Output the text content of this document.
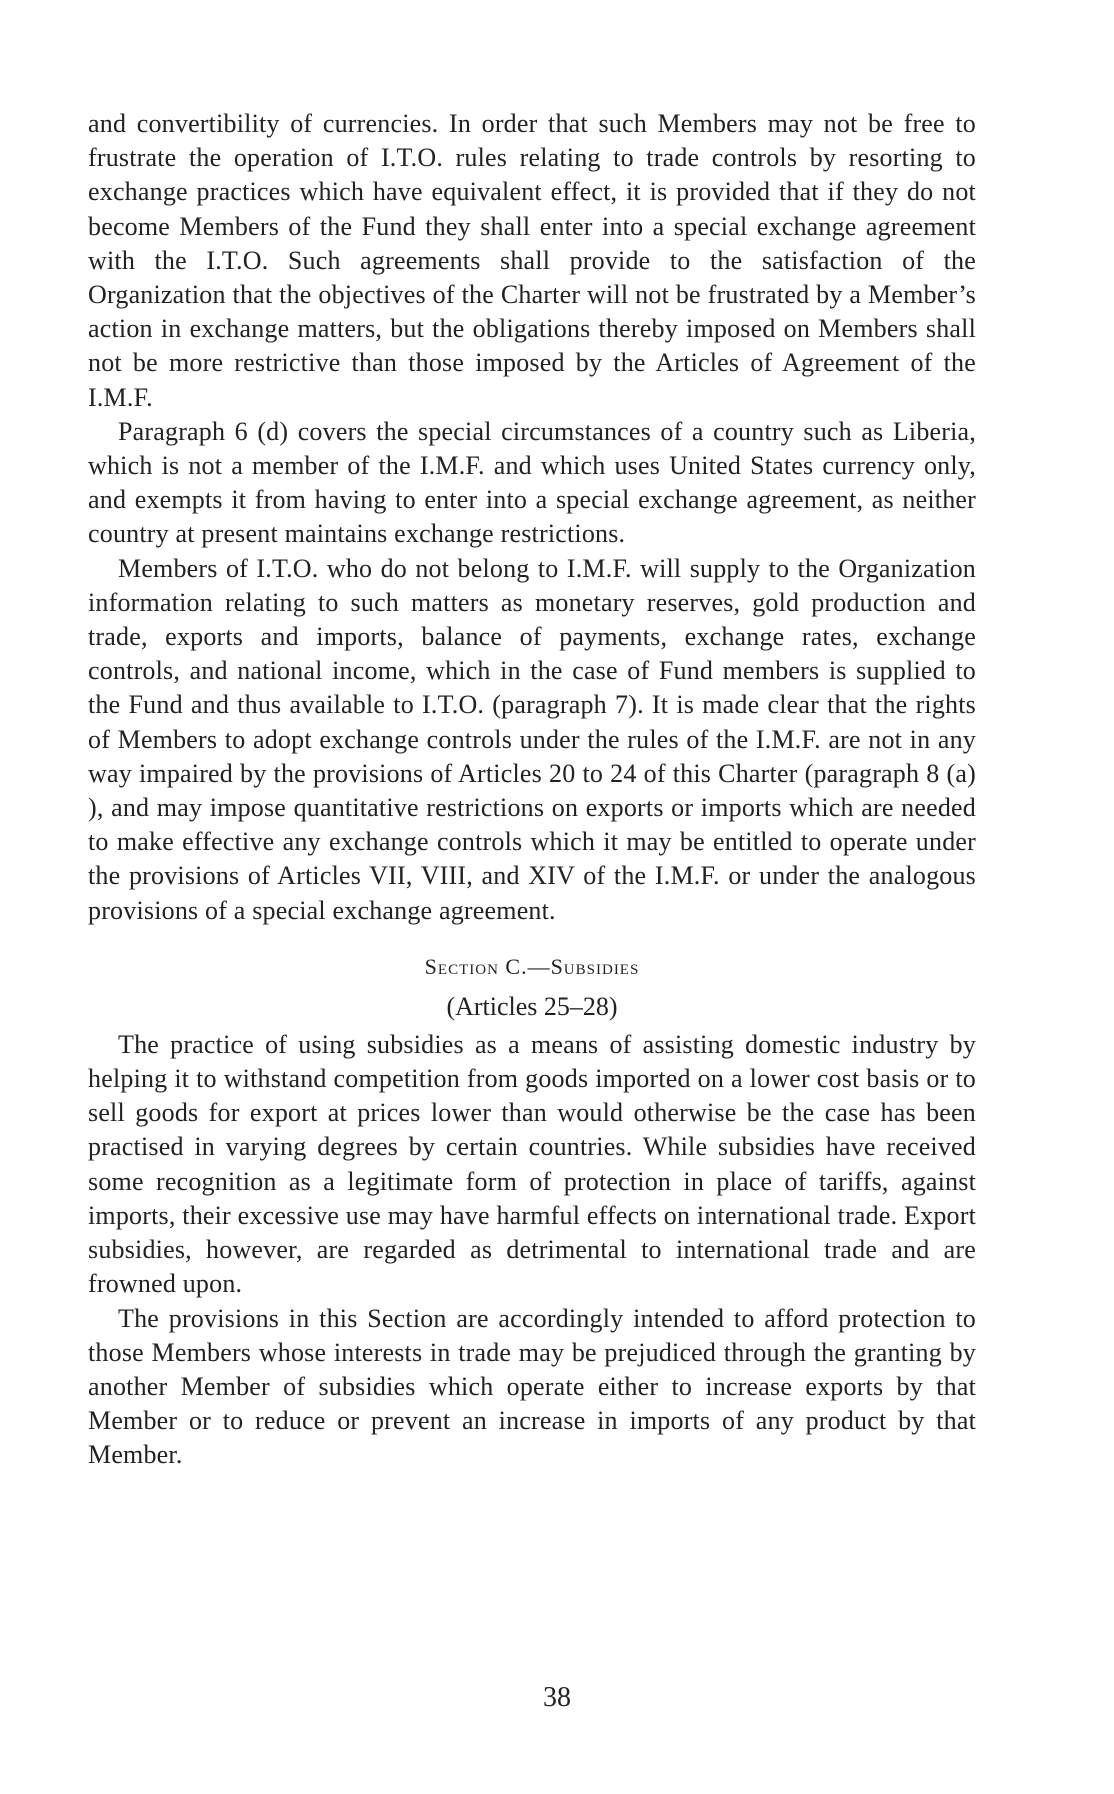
and convertibility of currencies. In order that such Members may not be free to frustrate the operation of I.T.O. rules relating to trade controls by resorting to exchange practices which have equivalent effect, it is provided that if they do not become Members of the Fund they shall enter into a special exchange agreement with the I.T.O. Such agreements shall provide to the satisfaction of the Organization that the objectives of the Charter will not be frustrated by a Member’s action in exchange matters, but the obligations thereby imposed on Members shall not be more restrictive than those imposed by the Articles of Agreement of the I.M.F.

Paragraph 6 (d) covers the special circumstances of a country such as Liberia, which is not a member of the I.M.F. and which uses United States currency only, and exempts it from having to enter into a special exchange agreement, as neither country at present maintains exchange restrictions.

Members of I.T.O. who do not belong to I.M.F. will supply to the Organization information relating to such matters as monetary reserves, gold production and trade, exports and imports, balance of payments, exchange rates, exchange controls, and national income, which in the case of Fund members is supplied to the Fund and thus available to I.T.O. (paragraph 7). It is made clear that the rights of Members to adopt exchange controls under the rules of the I.M.F. are not in any way impaired by the provisions of Articles 20 to 24 of this Charter (paragraph 8 (a) ), and may impose quantitative restrictions on exports or imports which are needed to make effective any exchange controls which it may be entitled to operate under the provisions of Articles VII, VIII, and XIV of the I.M.F. or under the analogous provisions of a special exchange agreement.

Section C.—Subsidies
(Articles 25–28)

The practice of using subsidies as a means of assisting domestic industry by helping it to withstand competition from goods imported on a lower cost basis or to sell goods for export at prices lower than would otherwise be the case has been practised in varying degrees by certain countries. While subsidies have received some recognition as a legitimate form of protection in place of tariffs, against imports, their excessive use may have harmful effects on international trade. Export subsidies, however, are regarded as detrimental to international trade and are frowned upon.

The provisions in this Section are accordingly intended to afford protection to those Members whose interests in trade may be prejudiced through the granting by another Member of subsidies which operate either to increase exports by that Member or to reduce or prevent an increase in imports of any product by that Member.

38
